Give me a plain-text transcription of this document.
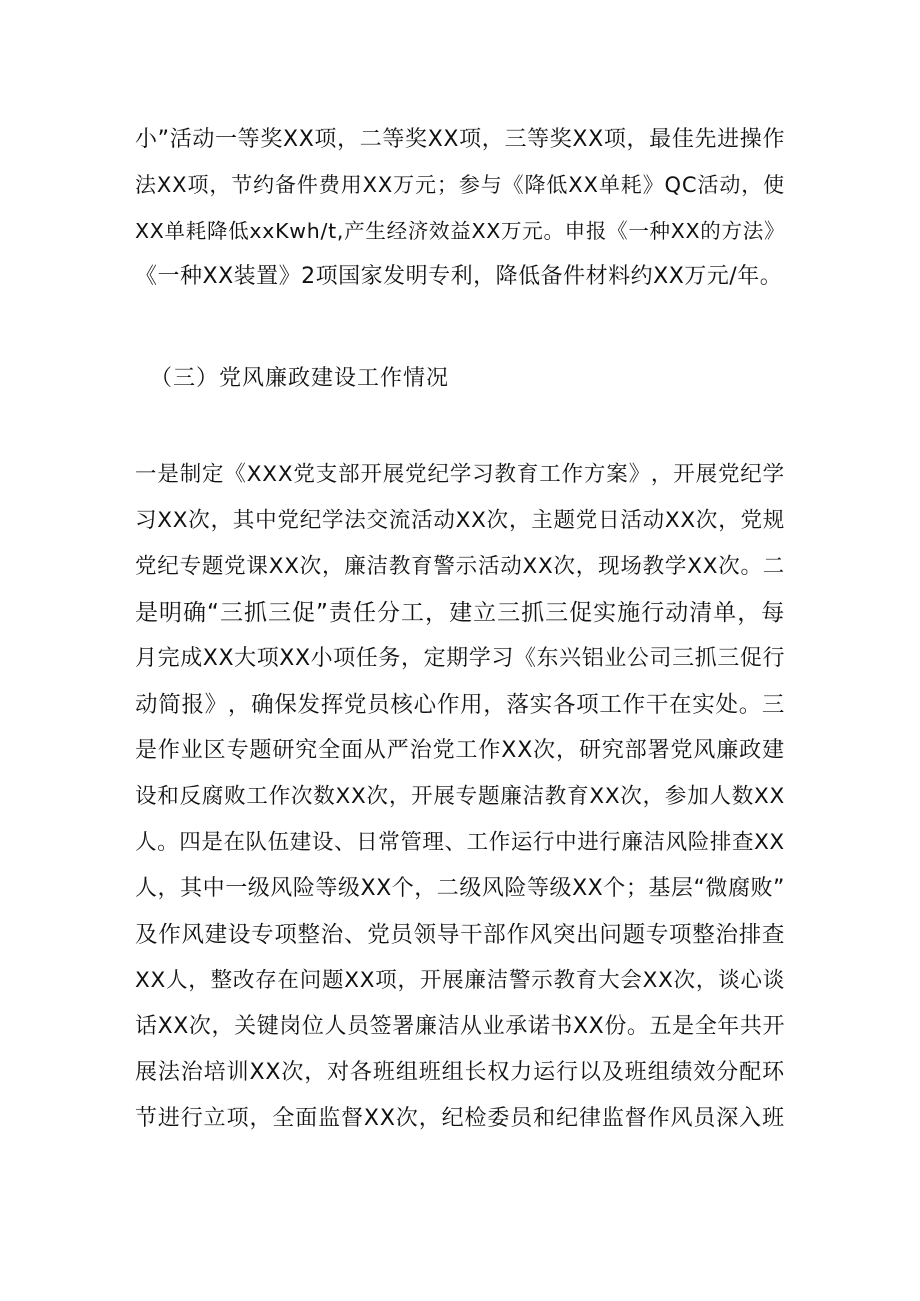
小 ” 活 动 一 等 奖 X X 项 ， 二 等 奖 X X 项 ， 三 等 奖 X X 项 ， 最 佳 先 进 操 作
法 X X 项 ， 节 约 备 件 费 用 X X 万 元 ； 参 与 《 降 低 X X 单 耗 》 Q C 活 动 ， 使
X X 单 耗 降 低 x x K w h / t , 产 生 经 济 效 益 X X 万 元 。 申 报 《 一 种 X X 的 方 法 》
《一种XX装置》2项国家发明专利，降低备件材料约XX万元/年。
（三）党风廉政建设工作情况
一 是 制 定 《 X X X 党 支 部 开 展 党 纪 学 习 教 育 工 作 方 案 》 ， 开 展 党 纪 学
习 X X 次 ， 其 中 党 纪 学 法 交 流 活 动 X X 次 ， 主 题 党 日 活 动 X X 次 ， 党 规
党 纪 专 题 党 课 X X 次 ， 廉 洁 教 育 警 示 活 动 X X 次 ， 现 场 教 学 X X 次 。 二
是 明 确 “ 三 抓 三 促 ” 责 任 分 工 ， 建 立 三 抓 三 促 实 施 行 动 清 单 ， 每
月 完 成 X X 大 项 X X 小 项 任 务 ， 定 期 学 习 《 东 兴 铝 业 公 司 三 抓 三 促 行
动 简 报 》 ， 确 保 发 挥 党 员 核 心 作 用 ， 落 实 各 项 工 作 干 在 实 处 。 三
是 作 业 区 专 题 研 究 全 面 从 严 治 党 工 作 X X 次 ， 研 究 部 署 党 风 廉 政 建
设 和 反 腐 败 工 作 次 数 X X 次 ， 开 展 专 题 廉 洁 教 育 X X 次 ， 参 加 人 数 X X
人 。 四 是 在 队 伍 建 设 、 日 常 管 理 、 工 作 运 行 中 进 行 廉 洁 风 险 排 查 X X
人 ， 其 中 一 级 风 险 等 级 X X 个 ， 二 级 风 险 等 级 X X 个 ； 基 层 “ 微 腐 败 ”
及 作 风 建 设 专 项 整 治 、 党 员 领 导 干 部 作 风 突 出 问 题 专 项 整 治 排 查
X X 人 ， 整 改 存 在 问 题 X X 项 ， 开 展 廉 洁 警 示 教 育 大 会 X X 次 ， 谈 心 谈
话 X X 次 ， 关 键 岗 位 人 员 签 署 廉 洁 从 业 承 诺 书 X X 份 。 五 是 全 年 共 开
展 法 治 培 训 X X 次 ， 对 各 班 组 班 组 长 权 力 运 行 以 及 班 组 绩 效 分 配 环
节 进 行 立 项 ， 全 面 监 督 X X 次 ， 纪 检 委 员 和 纪 律 监 督 作 风 员 深 入 班
